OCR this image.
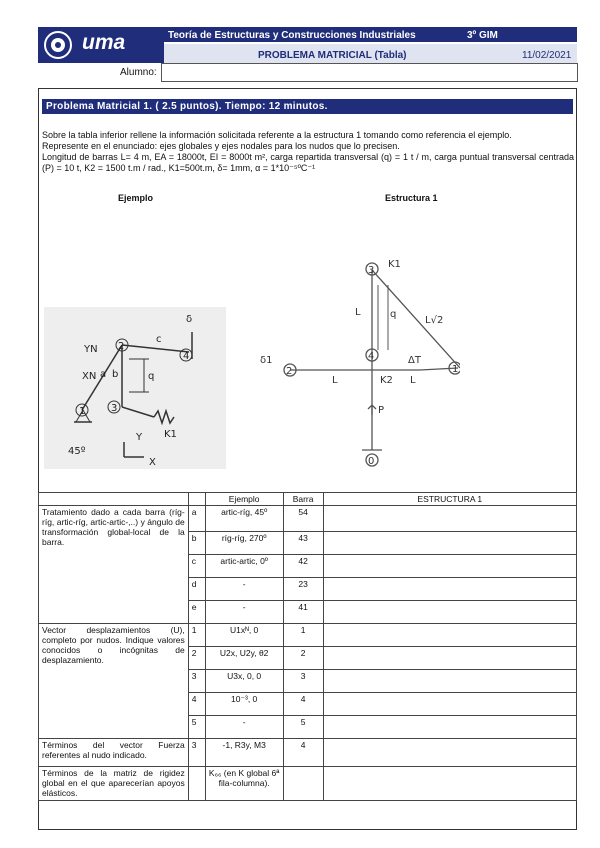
uma	Teoría de Estructuras y Construcciones Industriales	3º GIM
PROBLEMA MATRICIAL (Tabla)	11/02/2021
Alumno:
Problema Matricial 1. ( 2.5 puntos). Tiempo: 12 minutos.
Sobre la tabla inferior rellene la información solicitada referente a la estructura 1 tomando como referencia el ejemplo.
Represente en el enunciado: ejes globales y ejes nodales para los nudos que lo precisen.
Longitud de barras L= 4 m, EA = 18000t, EI = 8000t m², carga repartida transversal (q) = 1 t / m, carga puntual transversal centrada (P) = 10 t, K2 = 1500 t.m / rad., K1=500t.m, δ= 1mm, α = 1*10⁻⁵ºC⁻¹
Ejemplo	Estructura 1
2
1	3
4
c
b
a	q
δ
K1
45º
X
Y
XN
YN
3
4
2	1
0
L
L√2
q
L	L
P
ΔT
K1
K2
δ1
		Ejemplo	Barra	ESTRUCTURA 1
Tratamiento dado a cada barra (ríg-ríg, artic-ríg, artic-artic-,..) y ángulo de transformación global-local de la barra.	a	artic-ríg, 45º	54	
	b	ríg-ríg, 270º	43	
	c	artic-artic, 0º	42	
	d	-	23	
	e	-	41	
Vector desplazamientos (U), completo por nudos. Indique valores conocidos o incógnitas de desplazamiento.	1	U1xᴺ, 0	1	
	2	U2x, U2y, θ2	2	
	3	U3x, 0, 0	3	
	4	10⁻³, 0	4	
	5	-	5	
Términos del vector Fuerza referentes al nudo indicado.	3	-1, R3y, M3	4	
Términos de la matriz de rigidez global en el que aparecerían apoyos elásticos.		K₆₆ (en K global 6ª fila-columna).		
